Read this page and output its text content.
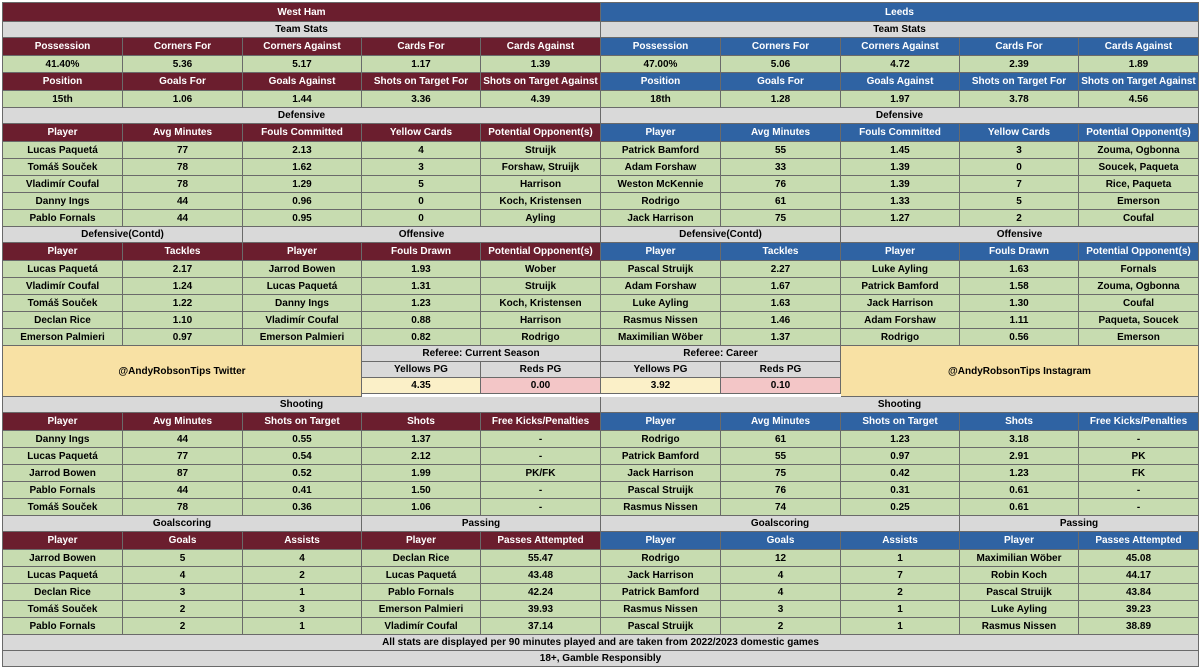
West Ham	Leeds
Team Stats	Team Stats
Possession	Corners For	Corners Against	Cards For	Cards Against	Possession	Corners For	Corners Against	Cards For	Cards Against
41.40%	5.36	5.17	1.17	1.39	47.00%	5.06	4.72	2.39	1.89
Position	Goals For	Goals Against	Shots on Target For	Shots on Target Against	Position	Goals For	Goals Against	Shots on Target For	Shots on Target Against
15th	1.06	1.44	3.36	4.39	18th	1.28	1.97	3.78	4.56
Defensive	Defensive
Player	Avg Minutes	Fouls Committed	Yellow Cards	Potential Opponent(s)	Player	Avg Minutes	Fouls Committed	Yellow Cards	Potential Opponent(s)
Lucas Paquetá	77	2.13	4	Struijk	Patrick Bamford	55	1.45	3	Zouma, Ogbonna
Tomáš Souček	78	1.62	3	Forshaw, Struijk	Adam Forshaw	33	1.39	0	Soucek, Paqueta
Vladimír Coufal	78	1.29	5	Harrison	Weston McKennie	76	1.39	7	Rice, Paqueta
Danny Ings	44	0.96	0	Koch, Kristensen	Rodrigo	61	1.33	5	Emerson
Pablo Fornals	44	0.95	0	Ayling	Jack Harrison	75	1.27	2	Coufal
Defensive(Contd)	Offensive	Defensive(Contd)	Offensive
Player	Tackles	Player	Fouls Drawn	Potential Opponent(s)	Player	Tackles	Player	Fouls Drawn	Potential Opponent(s)
Lucas Paquetá	2.17	Jarrod Bowen	1.93	Wober	Pascal Struijk	2.27	Luke Ayling	1.63	Fornals
Vladimír Coufal	1.24	Lucas Paquetá	1.31	Struijk	Adam Forshaw	1.67	Patrick Bamford	1.58	Zouma, Ogbonna
Tomáš Souček	1.22	Danny Ings	1.23	Koch, Kristensen	Luke Ayling	1.63	Jack Harrison	1.30	Coufal
Declan Rice	1.10	Vladimír Coufal	0.88	Harrison	Rasmus Nissen	1.46	Adam Forshaw	1.11	Paqueta, Soucek
Emerson Palmieri	0.97	Emerson Palmieri	0.82	Rodrigo	Maximilian Wöber	1.37	Rodrigo	0.56	Emerson
@AndyRobsonTips Twitter
Referee: Current Season
Yellows PG	Reds PG
4.35	0.00
Referee: Career
Yellows PG	Reds PG
3.92	0.10
@AndyRobsonTips Instagram
Shooting	Shooting
Player	Avg Minutes	Shots on Target	Shots	Free Kicks/Penalties	Player	Avg Minutes	Shots on Target	Shots	Free Kicks/Penalties
Danny Ings	44	0.55	1.37	-	Rodrigo	61	1.23	3.18	-
Lucas Paquetá	77	0.54	2.12	-	Patrick Bamford	55	0.97	2.91	PK
Jarrod Bowen	87	0.52	1.99	PK/FK	Jack Harrison	75	0.42	1.23	FK
Pablo Fornals	44	0.41	1.50	-	Pascal Struijk	76	0.31	0.61	-
Tomáš Souček	78	0.36	1.06	-	Rasmus Nissen	74	0.25	0.61	-
Goalscoring	Passing	Goalscoring	Passing
Player	Goals	Assists	Player	Passes Attempted	Player	Goals	Assists	Player	Passes Attempted
Jarrod Bowen	5	4	Declan Rice	55.47	Rodrigo	12	1	Maximilian Wöber	45.08
Lucas Paquetá	4	2	Lucas Paquetá	43.48	Jack Harrison	4	7	Robin Koch	44.17
Declan Rice	3	1	Pablo Fornals	42.24	Patrick Bamford	4	2	Pascal Struijk	43.84
Tomáš Souček	2	3	Emerson Palmieri	39.93	Rasmus Nissen	3	1	Luke Ayling	39.23
Pablo Fornals	2	1	Vladimír Coufal	37.14	Pascal Struijk	2	1	Rasmus Nissen	38.89
All stats are displayed per 90 minutes played and are taken from 2022/2023 domestic games
18+, Gamble Responsibly
